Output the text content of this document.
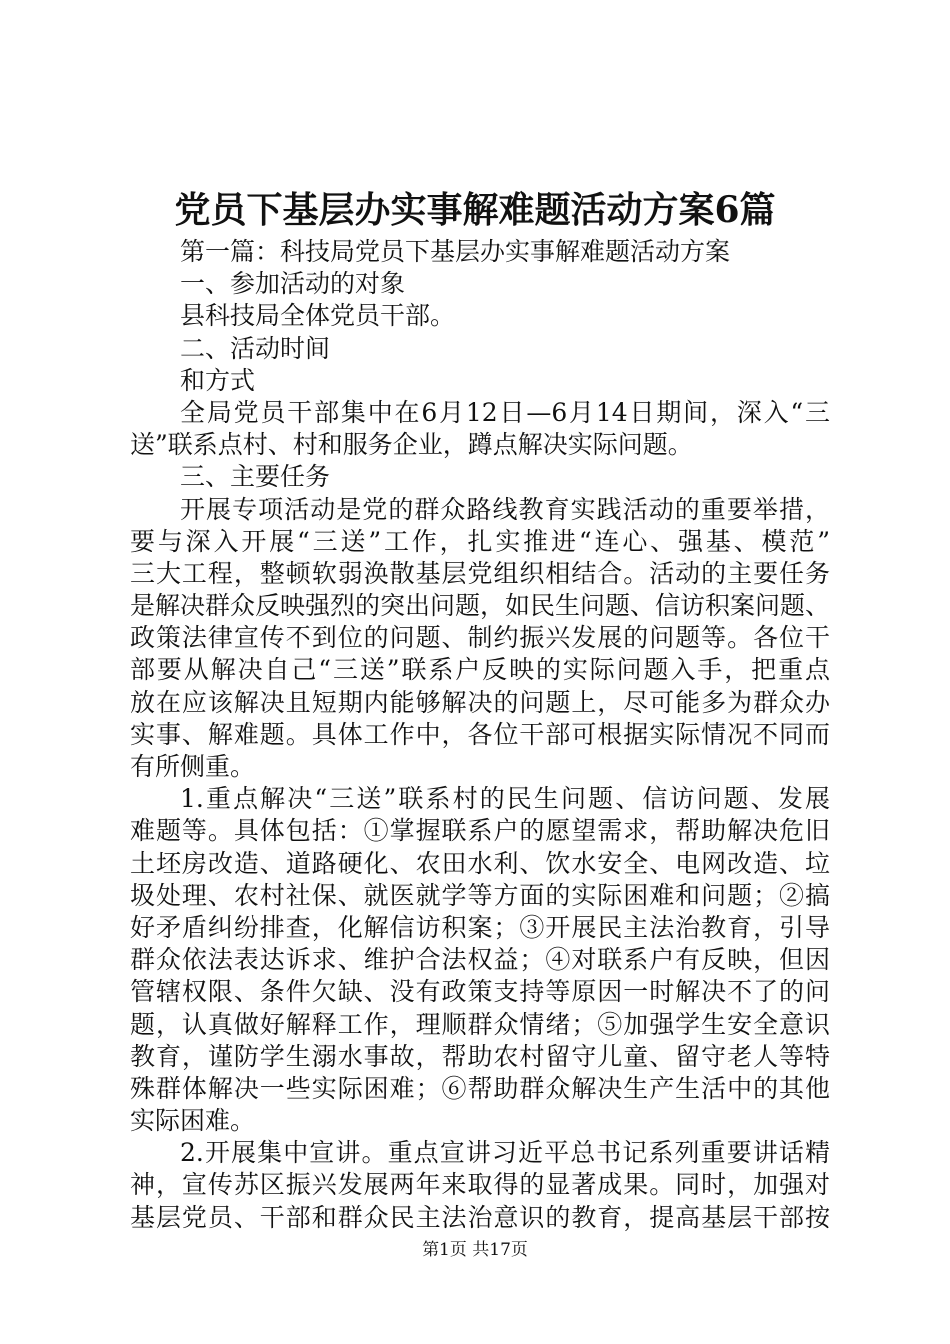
党员下基层办实事解难题活动方案6篇
第一篇：科技局党员下基层办实事解难题活动方案
一、参加活动的对象
县科技局全体党员干部。
二、活动时间
和方式
全局党员干部集中在6月12日—6月14日期间，深入“三
送”联系点村、村和服务企业，蹲点解决实际问题。
三、主要任务
开展专项活动是党的群众路线教育实践活动的重要举措，
要与深入开展“三送”工作，扎实推进“连心、强基、模范”
三大工程，整顿软弱涣散基层党组织相结合。活动的主要任务
是解决群众反映强烈的突出问题，如民生问题、信访积案问题、
政策法律宣传不到位的问题、制约振兴发展的问题等。各位干
部要从解决自己“三送”联系户反映的实际问题入手，把重点
放在应该解决且短期内能够解决的问题上，尽可能多为群众办
实事、解难题。具体工作中，各位干部可根据实际情况不同而
有所侧重。
1.重点解决“三送”联系村的民生问题、信访问题、发展
难题等。具体包括：①掌握联系户的愿望需求，帮助解决危旧
土坯房改造、道路硬化、农田水利、饮水安全、电网改造、垃
圾处理、农村社保、就医就学等方面的实际困难和问题；②搞
好矛盾纠纷排查，化解信访积案；③开展民主法治教育，引导
群众依法表达诉求、维护合法权益；④对联系户有反映，但因
管辖权限、条件欠缺、没有政策支持等原因一时解决不了的问
题，认真做好解释工作，理顺群众情绪；⑤加强学生安全意识
教育，谨防学生溺水事故，帮助农村留守儿童、留守老人等特
殊群体解决一些实际困难；⑥帮助群众解决生产生活中的其他
实际困难。
2.开展集中宣讲。重点宣讲习近平总书记系列重要讲话精
神，宣传苏区振兴发展两年来取得的显著成果。同时，加强对
基层党员、干部和群众民主法治意识的教育，提高基层干部按
第1页 共17页
